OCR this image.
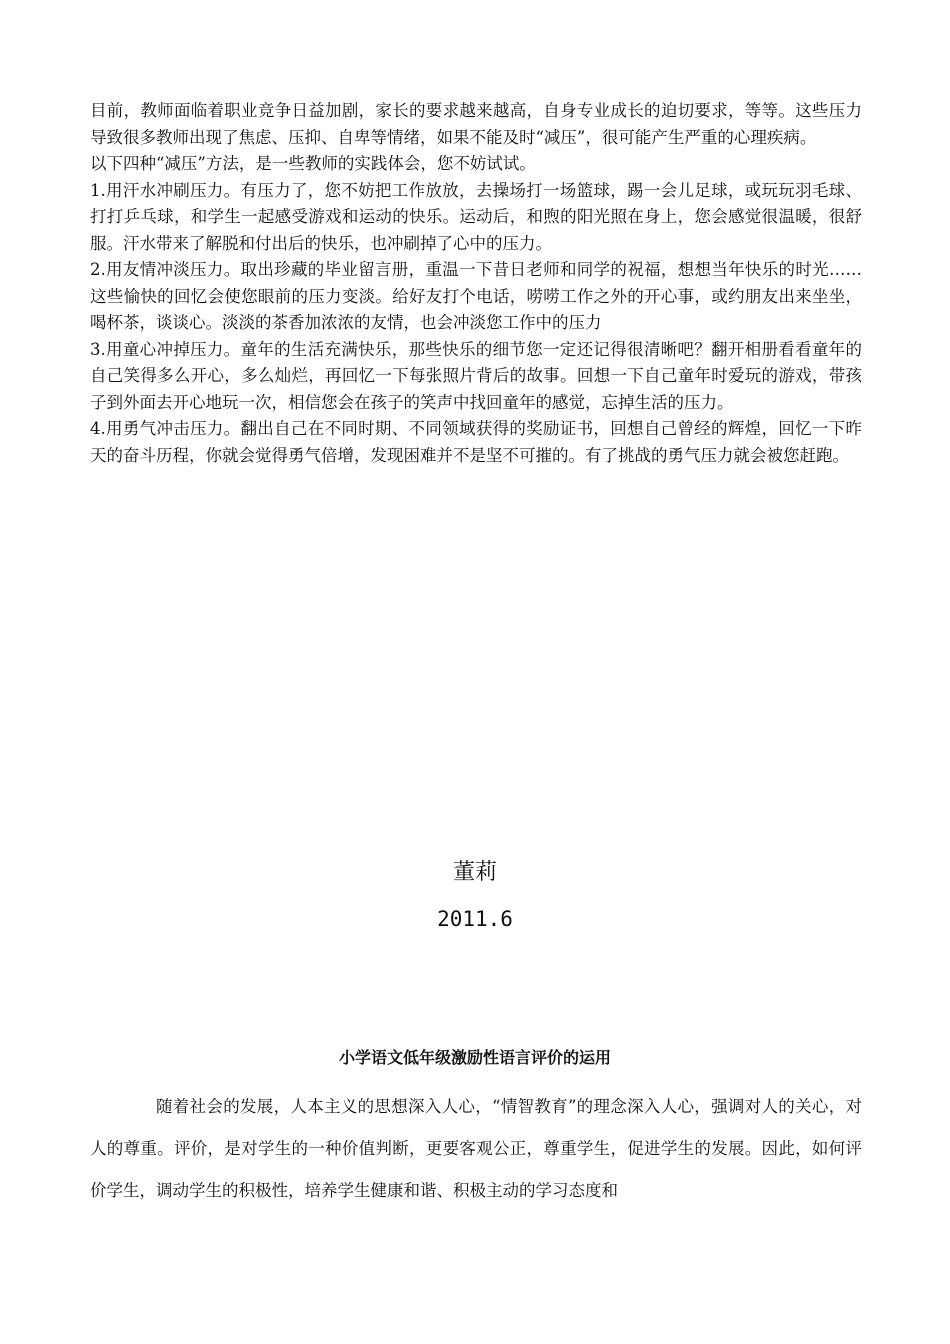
目前，教师面临着职业竞争日益加剧，家长的要求越来越高，自身专业成长的迫切要求，等等。这些压力导致很多教师出现了焦虑、压抑、自卑等情绪，如果不能及时“减压”，很可能产生严重的心理疾病。

以下四种“减压”方法，是一些教师的实践体会，您不妨试试。

1.用汗水冲刷压力。有压力了，您不妨把工作放放，去操场打一场篮球，踢一会儿足球，或玩玩羽毛球、打打乒乓球，和学生一起感受游戏和运动的快乐。运动后，和煦的阳光照在身上，您会感觉很温暖，很舒服。汗水带来了解脱和付出后的快乐，也冲刷掉了心中的压力。

2.用友情冲淡压力。取出珍藏的毕业留言册，重温一下昔日老师和同学的祝福，想想当年快乐的时光……这些愉快的回忆会使您眼前的压力变淡。给好友打个电话，唠唠工作之外的开心事，或约朋友出来坐坐，喝杯茶，谈谈心。淡淡的茶香加浓浓的友情，也会冲淡您工作中的压力

3.用童心冲掉压力。童年的生活充满快乐，那些快乐的细节您一定还记得很清晰吧？翻开相册看看童年的自己笑得多么开心，多么灿烂，再回忆一下每张照片背后的故事。回想一下自己童年时爱玩的游戏，带孩子到外面去开心地玩一次，相信您会在孩子的笑声中找回童年的感觉，忘掉生活的压力。

4.用勇气冲击压力。翻出自己在不同时期、不同领域获得的奖励证书，回想自己曾经的辉煌，回忆一下昨天的奋斗历程，你就会觉得勇气倍增，发现困难并不是坚不可摧的。有了挑战的勇气压力就会被您赶跑。

董莉
2011.6
小学语文低年级激励性语言评价的运用

随着社会的发展，人本主义的思想深入人心，“情智教育”的理念深入人心，强调对人的关心，对人的尊重。评价，是对学生的一种价值判断，更要客观公正，尊重学生，促进学生的发展。因此，如何评价学生，调动学生的积极性，培养学生健康和谐、积极主动的学习态度和
